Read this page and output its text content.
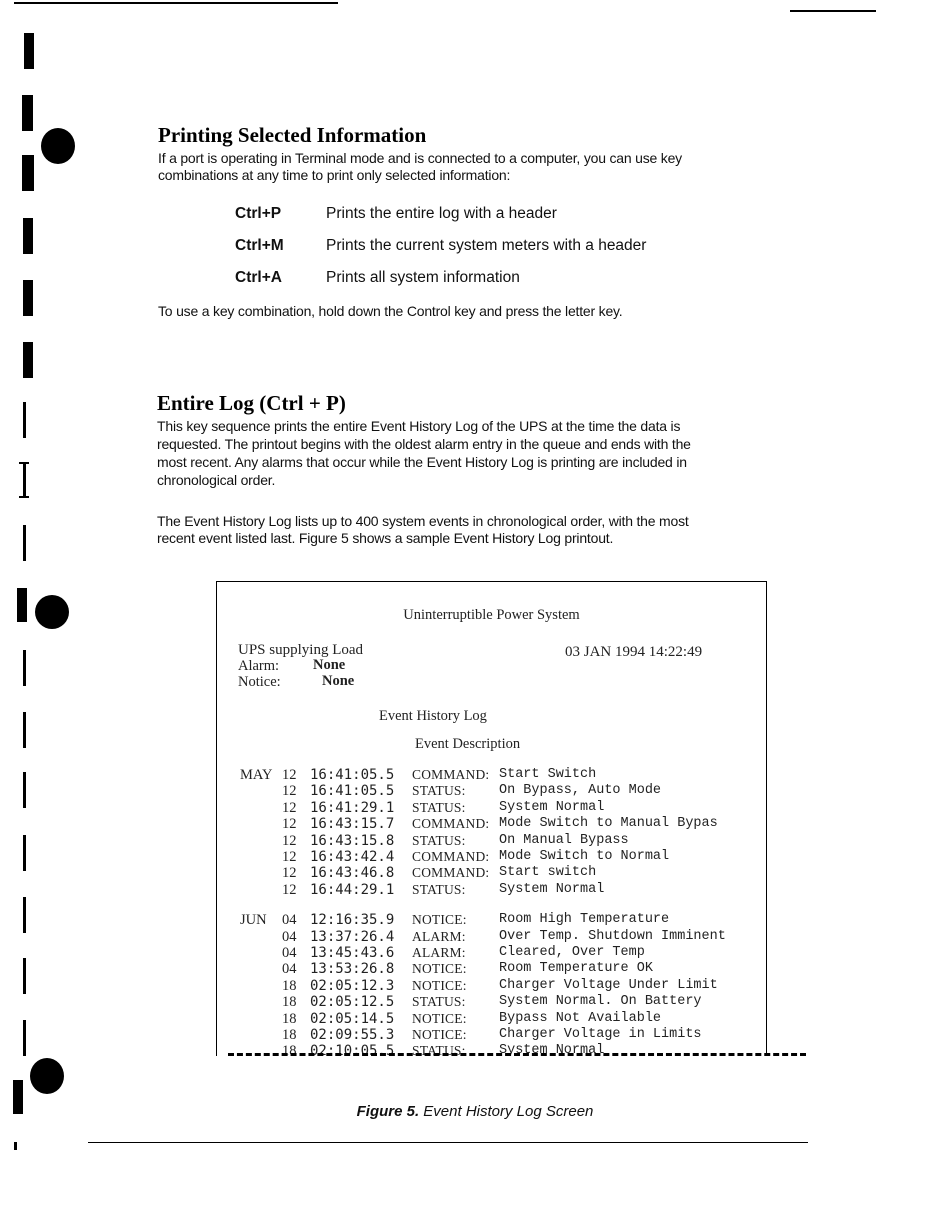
Printing Selected Information
If a port is operating in Terminal mode and is connected to a computer, you can use key
combinations at any time to print only selected information:
Ctrl+P	Prints the entire log with a header
Ctrl+M	Prints the current system meters with a header
Ctrl+A	Prints all system information
To use a key combination, hold down the Control key and press the letter key.
Entire Log (Ctrl + P)
This key sequence prints the entire Event History Log of the UPS at the time the data is
requested. The printout begins with the oldest alarm entry in the queue and ends with the
most recent. Any alarms that occur while the Event History Log is printing are included in
chronological order.
The Event History Log lists up to 400 system events in chronological order, with the most
recent event listed last. Figure 5 shows a sample Event History Log printout.
Uninterruptible Power System
UPS supplying Load	03 JAN 1994 14:22:49
Alarm: None
Notice:	None
Event History Log
Event Description
MAY 12 16:41:05.5 COMMAND: Start Switch
12 16:41:05.5 STATUS: On Bypass, Auto Mode
12 16:41:29.1 STATUS: System Normal
12 16:43:15.7 COMMAND: Mode Switch to Manual Bypas
12 16:43:15.8 STATUS: On Manual Bypass
12 16:43:42.4 COMMAND: Mode Switch to Normal
12 16:43:46.8 COMMAND: Start switch
12 16:44:29.1 STATUS: System Normal
JUN 04 12:16:35.9 NOTICE: Room High Temperature
04 13:37:26.4 ALARM: Over Temp. Shutdown Imminent
04 13:45:43.6 ALARM: Cleared, Over Temp
04 13:53:26.8 NOTICE: Room Temperature OK
18 02:05:12.3 NOTICE: Charger Voltage Under Limit
18 02:05:12.5 STATUS: System Normal. On Battery
18 02:05:14.5 NOTICE: Bypass Not Available
18 02:09:55.3 NOTICE: Charger Voltage in Limits
18 02:10:05.5 STATUS: System Normal
Figure 5. Event History Log Screen
